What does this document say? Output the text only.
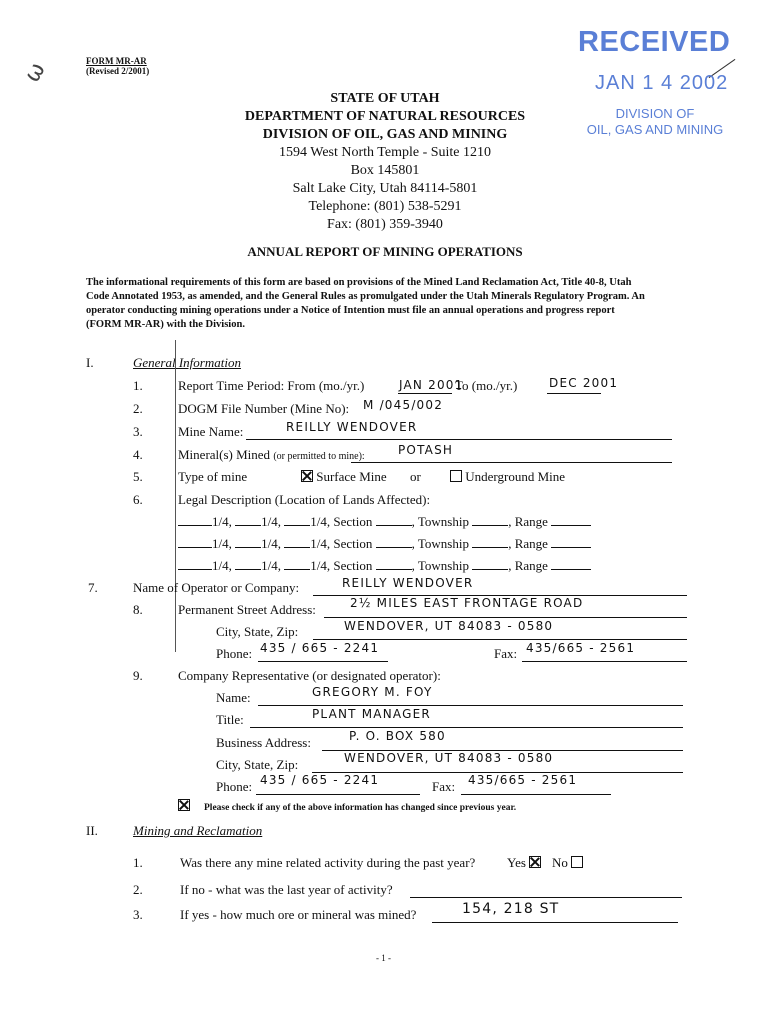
ω	FORM MR-AR
(Revised 2/2001)
RECEIVED
JAN 1 4 2002
DIVISION OF
OIL, GAS AND MINING
STATE OF UTAH
DEPARTMENT OF NATURAL RESOURCES
DIVISION OF OIL, GAS AND MINING
1594 West North Temple - Suite 1210
Box 145801
Salt Lake City, Utah 84114-5801
Telephone: (801) 538-5291
Fax: (801) 359-3940
ANNUAL REPORT OF MINING OPERATIONS
The informational requirements of this form are based on provisions of the Mined Land Reclamation Act, Title 40-8, Utah Code Annotated 1953, as amended, and the General Rules as promulgated under the Utah Minerals Regulatory Program. An operator conducting mining operations under a Notice of Intention must file an annual operations and progress report (FORM MR-AR) with the Division.
I.	General Information
1.	Report Time Period: From (mo./yr.)	JAN 2001
To (mo./yr.)	DEC 2001
2.	DOGM File Number (Mine No): M /045/002
3.	Mine Name:	REILLY WENDOVER
4.	Mineral(s) Mined (or permitted to mine):	POTASH
5.	Type of mine	Surface Mine or	Underground Mine
6.	Legal Description (Location of Lands Affected):
1/4, 1/4, 1/4, Section	, Township	, Range
1/4, 1/4, 1/4, Section	, Township	, Range
1/4, 1/4, 1/4, Section	, Township	, Range
7.	Name of Operator or Company:	REILLY WENDOVER
8.	Permanent Street Address:	2½ MILES EAST FRONTAGE ROAD
City, State, Zip:	WENDOVER, UT 84083 - 0580
Phone: 435 / 665 - 2241	Fax: 435/665 - 2561
9.	Company Representative (or designated operator):
Name:	GREGORY M. FOY
Title:	PLANT MANAGER
Business Address:	P. O. BOX 580
City, State, Zip:	WENDOVER, UT 84083 - 0580
Phone: 435 / 665 - 2241	Fax: 435/665 - 2561
Please check if any of the above information has changed since previous year.
II.	Mining and Reclamation
1.	Was there any mine related activity during the past year? Yes	No
2.	If no - what was the last year of activity?
3.	If yes - how much ore or mineral was mined?	154, 218 ST
- 1 -
